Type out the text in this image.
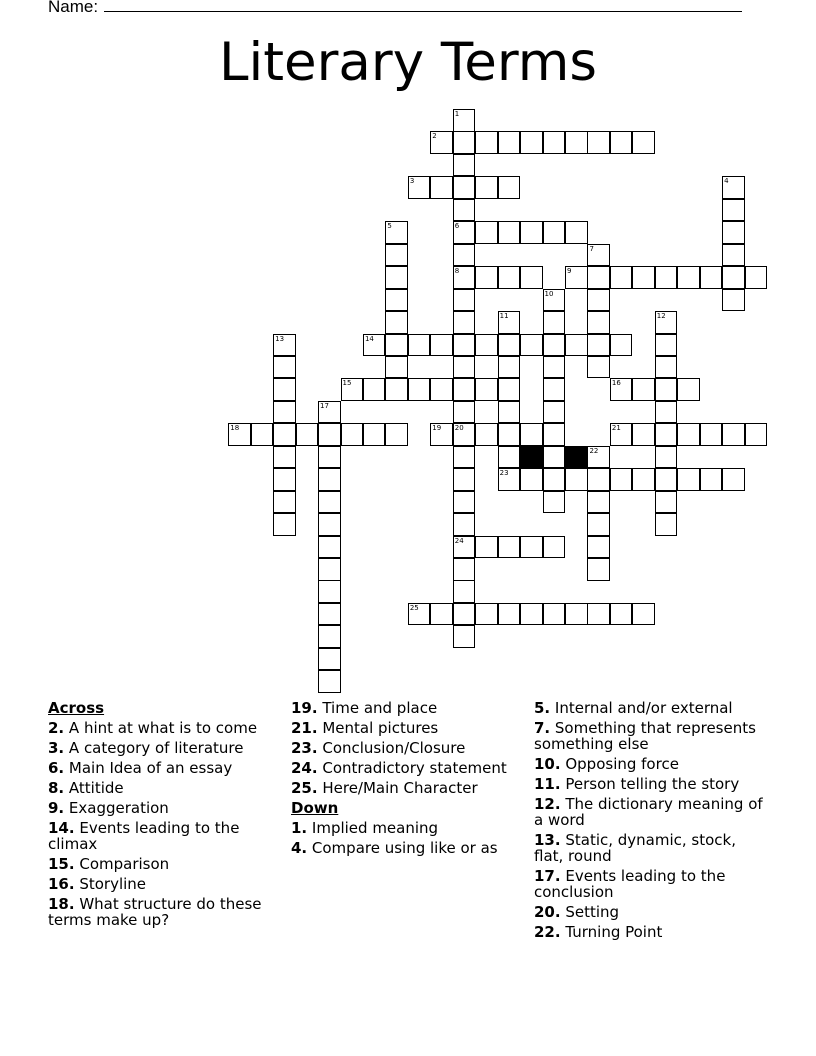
Name:
Literary Terms
1
6
8
20
2
3	4
5
7
9
10
11
23
12
13	14
15	16
17
18	19
24
21
22
25
Across
2. A hint at what is to come
3. A category of literature
6. Main Idea of an essay
8. Attitide
9. Exaggeration
14. Events leading to the climax
15. Comparison
16. Storyline
18. What structure do these terms make up?
19. Time and place
21. Mental pictures
23. Conclusion/Closure
24. Contradictory statement
25. Here/Main Character
Down
1. Implied meaning
4. Compare using like or as
5. Internal and/or external
7. Something that represents something else
10. Opposing force
11. Person telling the story
12. The dictionary meaning of a word
13. Static, dynamic, stock, flat, round
17. Events leading to the conclusion
20. Setting
22. Turning Point
